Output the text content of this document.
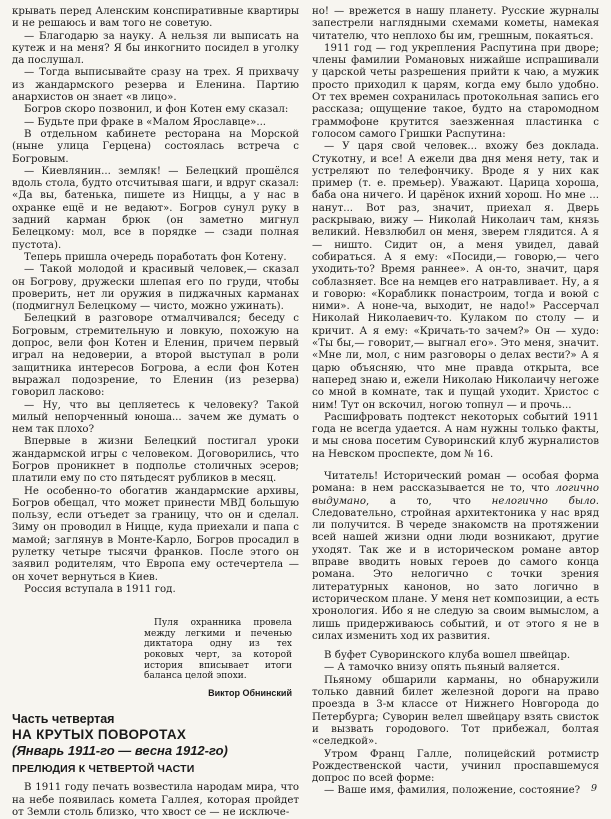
крывать перед Аленским конспиративные квартиры и не решаюсь и вам того не советую.

— Благодарю за науку. А нельзя ли выписать на кутеж и на меня? Я бы инкогнито посидел в уголку да послушал.

— Тогда выписывайте сразу на трех. Я прихвачу из жандармского резерва и Еленина. Партию анархистов он знает «в лицо».

Богров скоро позвонил, и фон Котен ему сказал:

— Будьте при фраке в «Малом Ярославце»...

В отдельном кабинете ресторана на Морской (ныне улица Герцена) состоялась встреча с Богровым.

— Киевлянин... земляк! — Белецкий прошёлся вдоль стола, будто отсчитывая шаги, и вдруг сказал: «Да вы, батенька, пишете из Ниццы, а у нас в охранке ещё и не ведают». Богров сунул руку в задний карман брюк (он заметно мигнул Белецкому: мол, все в порядке — сзади полная пустота).

Теперь пришла очередь поработать фон Котену.

— Такой молодой и красивый человек,— сказал он Богрову, дружески шлепая его по груди, чтобы проверить, нет ли оружия в пиджачных карманах (подмигнул Белецкому — чисто, можно ужинать).

Белецкий в разговоре отмалчивался; беседу с Богровым, стремительную и ловкую, похожую на допрос, вели фон Котен и Еленин, причем первый играл на недоверии, а второй выступал в роли защитника интересов Богрова, а если фон Котен выражал подозрение, то Еленин (из резерва) говорил ласково:

— Ну, что вы цепляетесь к человеку? Такой милый непорченный юноша... зачем же думать о нем так плохо?

Впервые в жизни Белецкий постигал уроки жандармской игры с человеком. Договорились, что Богров проникнет в подполье столичных эсеров; платили ему по сто пятьдесят рубликов в месяц.

Не особенно-то обогатив жандармские архивы, Богров обещал, что может принести МВД большую пользу, если отъедет за границу, что он и сделал. Зиму он проводил в Ницце, куда приехали и папа с мамой; заглянув в Монте-Карло, Богров просадил в рулетку четыре тысячи франков. После этого он заявил родителям, что Европа ему остечертела — он хочет вернуться в Киев.

Россия вступала в 1911 год.

Пуля охранника провела между легкими и печенью диктатора одну из тех роковых черт, за которой история вписывает итоги баланса целой эпохи.

Виктор Обнинский
Часть четвертая
НА КРУТЫХ ПОВОРОТАХ
(Январь 1911-го — весна 1912-го)
ПРЕЛЮДИЯ К ЧЕТВЕРТОЙ ЧАСТИ

В 1911 году печать возвестила народам мира, что на небе появилась комета Галлея, которая пройдет от Земли столь близко, что хвост се — не исключе-

но! — врежется в нашу планету. Русские журналы запестрели наглядными схемами кометы, намекая читателю, что неплохо бы им, грешным, покаяться.

1911 год — год укрепления Распутина при дворе; члены фамилии Романовых нижайше испрашивали у царской четы разрешения прийти к чаю, а мужик просто приходил к царям, когда ему было удобно. От тех времен сохранилась протокольная запись его рассказа; ощущение такое, будто на старомодном граммофоне крутится заезженная пластинка с голосом самого Гришки Распутина:

— У царя свой человек... вхожу без доклада. Стукотну, и все! А ежели два дня меня нету, так и устреляют по телефончику. Вроде я у них как пример (т. е. премьер). Уважают. Царица хороша, баба она ничего. И царёнок ихний хорош. Но мне ... нанут... Вот раз, значит, приехал я. Дверь раскрываю, вижу — Николай Николаич там, князь великий. Невзлюбил он меня, зверем глядится. А я — ништо. Сидит он, а меня увидел, давай собираться. А я ему: «Посиди,— говорю,— чего уходить-то? Время раннее». А он-то, значит, царя соблазняет. Все на немцев его натравливает. Ну, а я и говорю: «Корабликк понастроим, тогда и воюй с ними». А ноне-ча, выходит, не надо!» Рассерчал Николай Николаевич-то. Кулаком по столу — и кричит. А я ему: «Кричать-то зачем?» Он — худо: «Ты бы,— говорит,— выгнал его». Это меня, значит. «Мне ли, мол, с ним разговоры о делах вести?» А я царю объясняю, что мне правда открыта, все наперед знаю и, ежели Николаю Николаичу негоже со мной в комнате, так и пущай уходит. Христос с ним! Тут он вскочил, ногою топнул — и прочь...

Расшифровать подтекст некоторых событий 1911 года не всегда удается. А нам нужны только факты, и мы снова посетим Суворинский клуб журналистов на Невском проспекте, дом № 16.

Читатель! Исторический роман — особая форма романа: в нем рассказывается не то, что логично выдумано, а то, что нелогично было. Следовательно, стройная архитектоника у нас вряд ли получится. В череде знакомств на протяжении всей нашей жизни одни люди возникают, другие уходят. Так же и в историческом романе автор вправе вводить новых героев до самого конца романа. Это нелогично с точки зрения литературных канонов, но зато логично в историческом плане. У меня нет композиции, а есть хронология. Ибо я не следую за своим вымыслом, а лишь придерживаюсь событий, и от этого я не в силах изменить ход их развития.

В буфет Суворинского клуба вошел швейцар.

— А тамочко внизу опять пьяный валяется.

Пьяному обшарили карманы, но обнаружили только давний билет железной дороги на право проезда в 3-м классе от Нижнего Новгорода до Петербурга; Суворин велел швейцару взять свисток и вызвать городового. Тот прибежал, болтая «селедкой».

Утром Франц Галле, полицейский ротмистр Рождественской части, учинил проспавшемуся допрос по всей форме:

— Ваше имя, фамилия, положение, состояние?	9
